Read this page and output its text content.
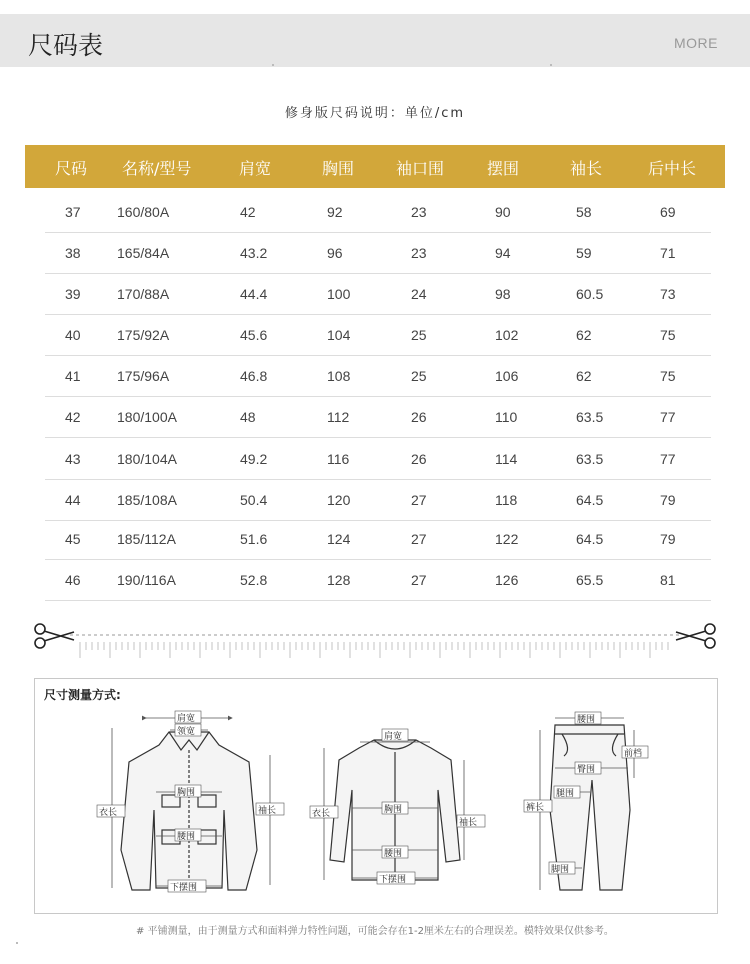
尺码表	MORE
修身版尺码说明：单位/cm
尺码 名称/型号	肩宽	胸围	袖口围	摆围	袖长	后中长
37	160/80A	42	92	23	90	58	69
38	165/84A	43.2	96	23	94	59	71
39	170/88A	44.4	100	24	98	60.5	73
40	175/92A	45.6	104	25	102	62	75
41	175/96A	46.8	108	25	106	62	75
42	180/100A	48	112	26	110	63.5	77
43	180/104A	49.2	116	26	114	63.5	77
44	185/108A	50.4	120	27	118	64.5	79
45	185/112A	51.6	124	27	122	64.5	79
46	190/116A	52.8	128	27	126	65.5	81
尺寸测量方式:
肩宽
领宽
胸围
衣长	袖长
腰围
下摆围
肩宽
衣长	胸围
袖长
腰围
下摆围
腰围
前档
臀围
腿围
裤长
脚围
# 平铺测量，由于测量方式和面料弹力特性问题，可能会存在1-2厘米左右的合理误差。模特效果仅供参考。
